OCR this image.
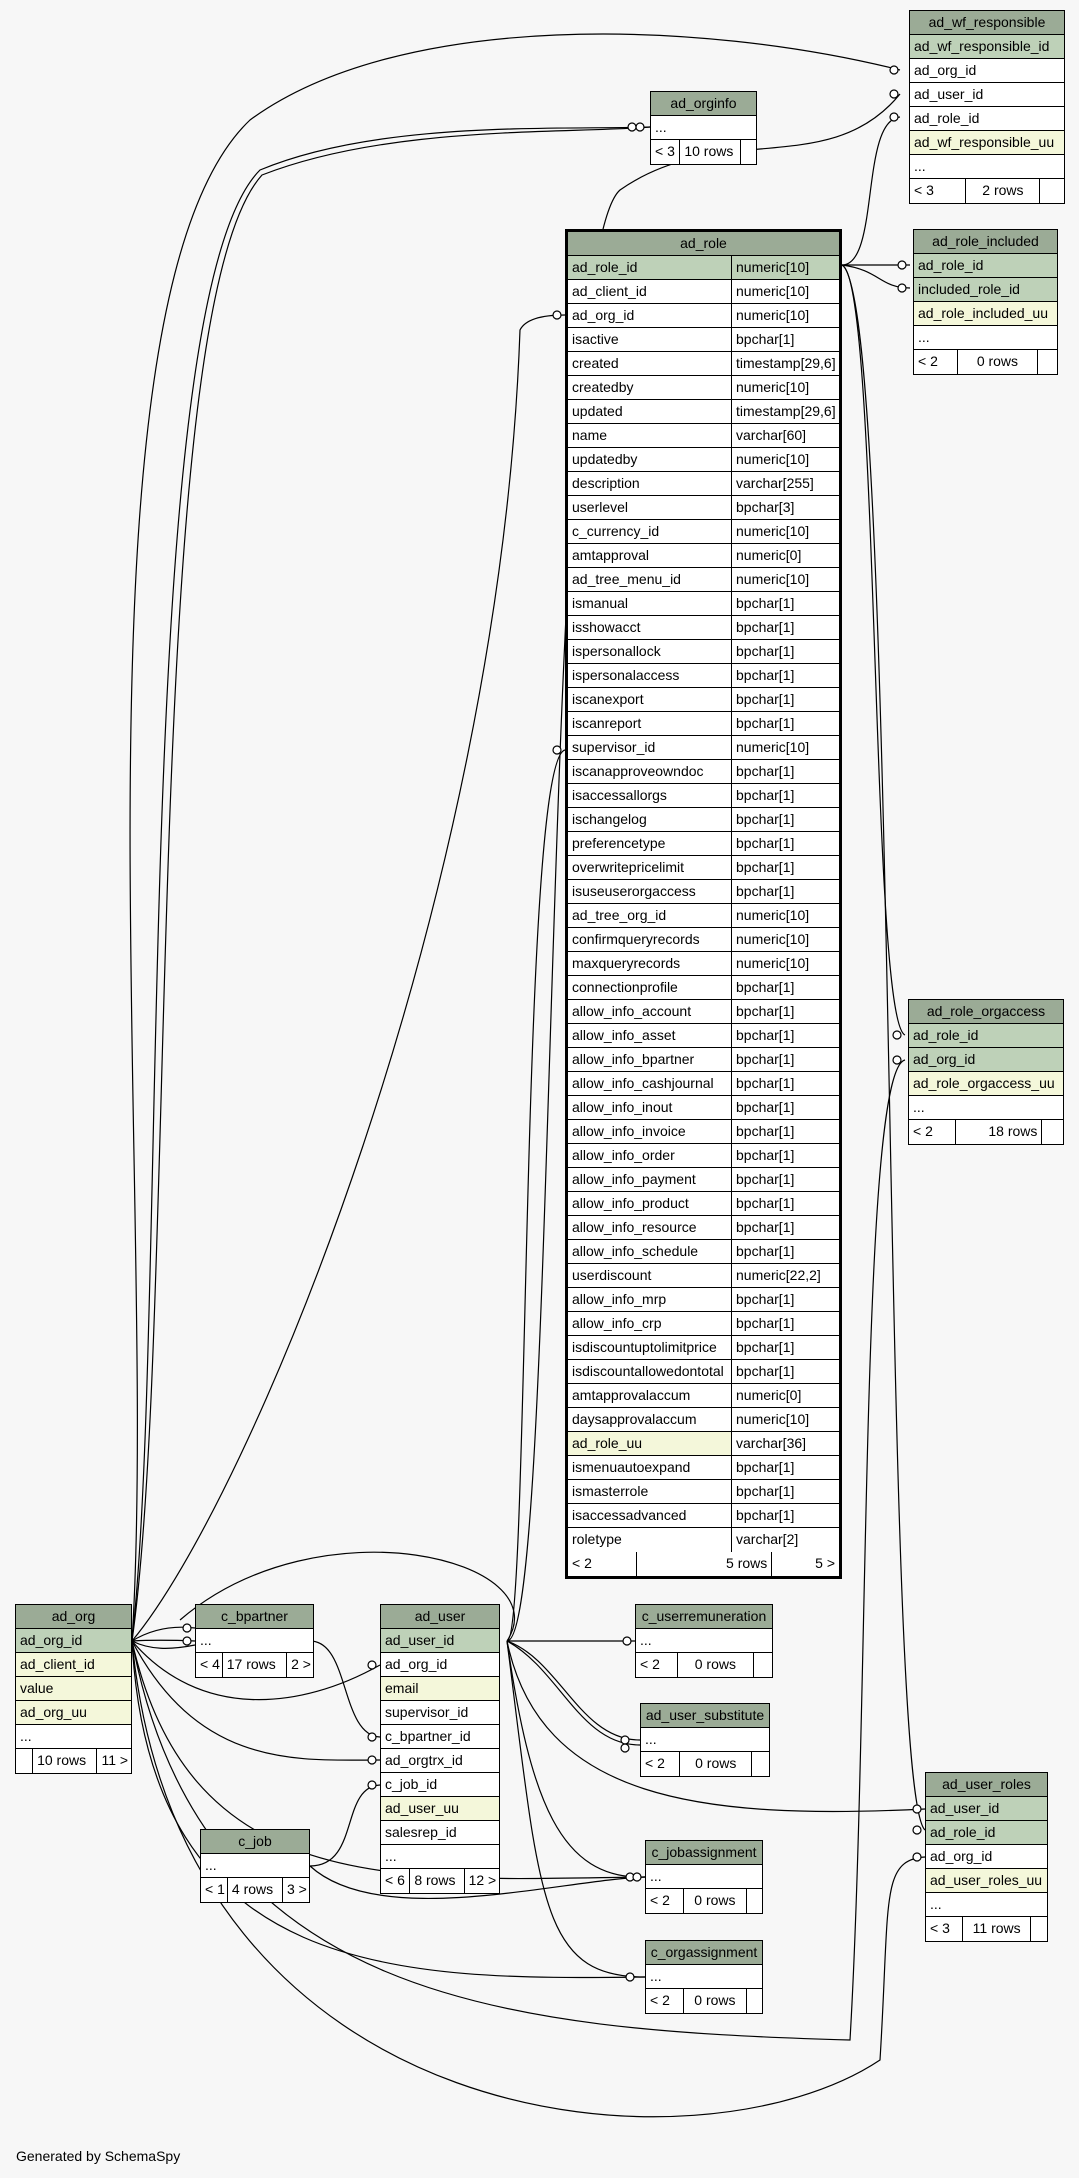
ad_wf_responsible
ad_wf_responsible_id
ad_org_id
ad_user_id
ad_role_id
ad_wf_responsible_uu
...
< 3	2 rows
ad_orginfo
...
< 3 10 rows
ad_role_included
ad_role_id
included_role_id
ad_role_included_uu
...
< 2	0 rows
ad_role
ad_role_id	numeric[10]
ad_client_id	numeric[10]
ad_org_id	numeric[10]
isactive	bpchar[1]
created	timestamp[29,6]
createdby	numeric[10]
updated	timestamp[29,6]
name	varchar[60]
updatedby	numeric[10]
description	varchar[255]
userlevel	bpchar[3]
c_currency_id	numeric[10]
amtapproval	numeric[0]
ad_tree_menu_id	numeric[10]
ismanual	bpchar[1]
isshowacct	bpchar[1]
ispersonallock	bpchar[1]
ispersonalaccess	bpchar[1]
iscanexport	bpchar[1]
iscanreport	bpchar[1]
supervisor_id	numeric[10]
iscanapproveowndoc	bpchar[1]
isaccessallorgs	bpchar[1]
ischangelog	bpchar[1]
preferencetype	bpchar[1]
overwritepricelimit	bpchar[1]
isuseuserorgaccess	bpchar[1]
ad_tree_org_id	numeric[10]
confirmqueryrecords	numeric[10]
maxqueryrecords	numeric[10]
connectionprofile	bpchar[1]
allow_info_account	bpchar[1]
allow_info_asset	bpchar[1]
allow_info_bpartner	bpchar[1]
allow_info_cashjournal	bpchar[1]
allow_info_inout	bpchar[1]
allow_info_invoice	bpchar[1]
allow_info_order	bpchar[1]
allow_info_payment	bpchar[1]
allow_info_product	bpchar[1]
allow_info_resource	bpchar[1]
allow_info_schedule	bpchar[1]
userdiscount	numeric[22,2]
allow_info_mrp	bpchar[1]
allow_info_crp	bpchar[1]
isdiscountuptolimitprice	bpchar[1]
isdiscountallowedontotal bpchar[1]
amtapprovalaccum	numeric[0]
daysapprovalaccum	numeric[10]
ad_role_uu	varchar[36]
ismenuautoexpand	bpchar[1]
ismasterrole	bpchar[1]
isaccessadvanced	bpchar[1]
roletype	varchar[2]
< 2	5 rows	5 >
ad_role_orgaccess
ad_role_id
ad_org_id
ad_role_orgaccess_uu
...
< 2	18 rows
ad_org
ad_org_id
ad_client_id
value
ad_org_uu
...
10 rows	11 >
c_bpartner
...
< 4 17 rows	2 >
ad_user
ad_user_id
ad_org_id
email
supervisor_id
c_bpartner_id
ad_orgtrx_id
c_job_id
ad_user_uu
salesrep_id
...
< 6 8 rows 12 >
c_userremuneration
...
< 2	0 rows
ad_user_substitute
...
< 2	0 rows
c_job
...
< 1 4 rows 3 >
c_jobassignment
...
< 2	0 rows
c_orgassignment
...
< 2	0 rows
ad_user_roles
ad_user_id
ad_role_id
ad_org_id
ad_user_roles_uu
...
< 3	11 rows
Generated by SchemaSpy
